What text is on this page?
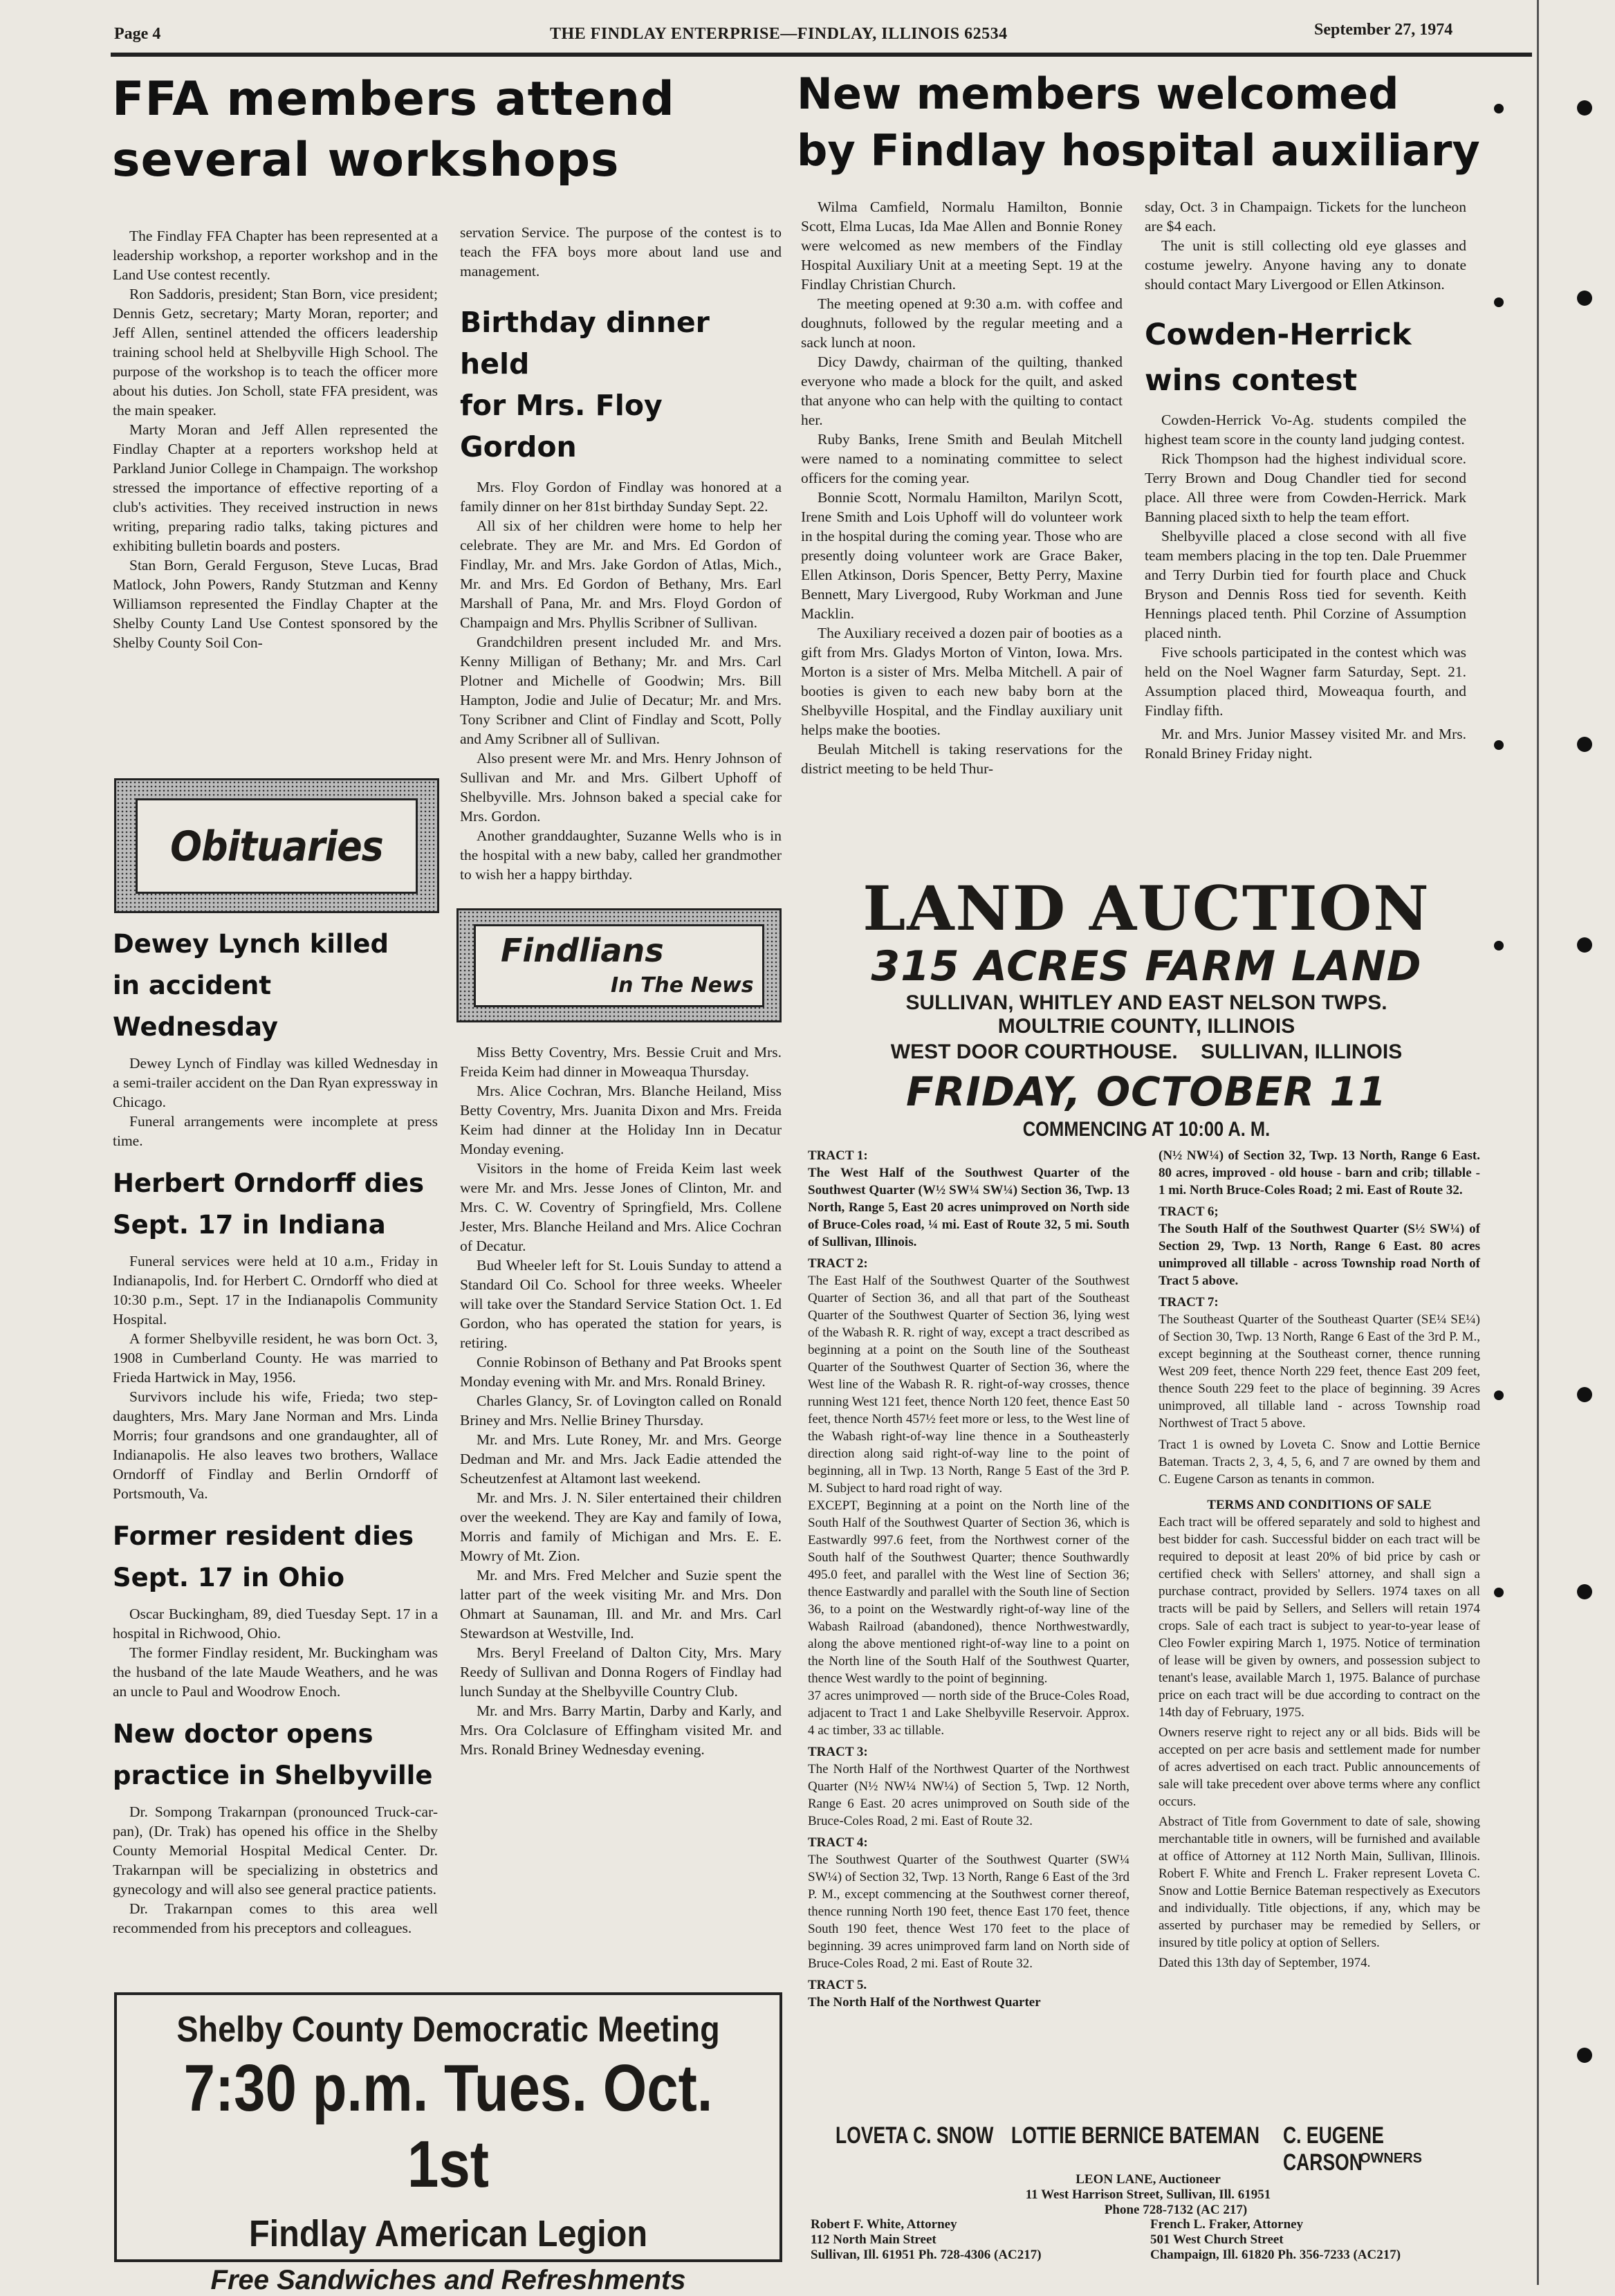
Page 4	THE FINDLAY ENTERPRISE—FINDLAY, ILLINOIS 62534	September 27, 1974

FFA members attend

several workshops

The Findlay FFA Chapter has been represented at a leadership workshop, a reporter workshop and in the Land Use contest recently.

Ron Saddoris, president; Stan Born, vice president; Dennis Getz, secretary; Marty Moran, reporter; and Jeff Allen, sentinel attended the officers leadership training school held at Shelbyville High School. The purpose of the workshop is to teach the officer more about his duties. Jon Scholl, state FFA president, was the main speaker.

Marty Moran and Jeff Allen represented the Findlay Chapter at a reporters workshop held at Parkland Junior College in Champaign. The workshop stressed the importance of effective reporting of a club's activities. They received instruction in news writing, preparing radio talks, taking pictures and exhibiting bulletin boards and posters.

Stan Born, Gerald Ferguson, Steve Lucas, Brad Matlock, John Powers, Randy Stutzman and Kenny Williamson represented the Findlay Chapter at the Shelby County Land Use Contest sponsored by the Shelby County Soil Con-

servation Service. The purpose of the contest is to teach the FFA boys more about land use and management.

Birthday dinner held

for Mrs. Floy Gordon

Mrs. Floy Gordon of Findlay was honored at a family dinner on her 81st birthday Sunday Sept. 22.

All six of her children were home to help her celebrate. They are Mr. and Mrs. Ed Gordon of Findlay, Mr. and Mrs. Jake Gordon of Atlas, Mich., Mr. and Mrs. Ed Gordon of Bethany, Mrs. Earl Marshall of Pana, Mr. and Mrs. Floyd Gordon of Champaign and Mrs. Phyllis Scribner of Sullivan.

Grandchildren present included Mr. and Mrs. Kenny Milligan of Bethany; Mr. and Mrs. Carl Plotner and Michelle of Goodwin; Mrs. Bill Hampton, Jodie and Julie of Decatur; Mr. and Mrs. Tony Scribner and Clint of Findlay and Scott, Polly and Amy Scribner all of Sullivan.

Also present were Mr. and Mrs. Henry Johnson of Sullivan and Mr. and Mrs. Gilbert Uphoff of Shelbyville. Mrs. Johnson baked a special cake for Mrs. Gordon.

Another granddaughter, Suzanne Wells who is in the hospital with a new baby, called her grandmother to wish her a happy birthday.

Obituaries

Dewey Lynch killed

in accident Wednesday

Dewey Lynch of Findlay was killed Wednesday in a semi-trailer accident on the Dan Ryan expressway in Chicago.

Funeral arrangements were incomplete at press time.

Herbert Orndorff dies

Sept. 17 in Indiana

Funeral services were held at 10 a.m., Friday in Indianapolis, Ind. for Herbert C. Orndorff who died at 10:30 p.m., Sept. 17 in the Indianapolis Community Hospital.

A former Shelbyville resident, he was born Oct. 3, 1908 in Cumberland County. He was married to Frieda Hartwick in May, 1956.

Survivors include his wife, Frieda; two step-daughters, Mrs. Mary Jane Norman and Mrs. Linda Morris; four grandsons and one grandaughter, all of Indianapolis. He also leaves two brothers, Wallace Orndorff of Findlay and Berlin Orndorff of Portsmouth, Va.

Former resident dies

Sept. 17 in Ohio

Oscar Buckingham, 89, died Tuesday Sept. 17 in a hospital in Richwood, Ohio.

The former Findlay resident, Mr. Buckingham was the husband of the late Maude Weathers, and he was an uncle to Paul and Woodrow Enoch.

New doctor opens

practice in Shelbyville

Dr. Sompong Trakarnpan (pronounced Truck-car-pan), (Dr. Trak) has opened his office in the Shelby County Memorial Hospital Medical Center. Dr. Trakarnpan will be specializing in obstetrics and gynecology and will also see general practice patients.

Dr. Trakarnpan comes to this area well recommended from his preceptors and colleagues.

Findlians
In The News

Miss Betty Coventry, Mrs. Bessie Cruit and Mrs. Freida Keim had dinner in Moweaqua Thursday.

Mrs. Alice Cochran, Mrs. Blanche Heiland, Miss Betty Coventry, Mrs. Juanita Dixon and Mrs. Freida Keim had dinner at the Holiday Inn in Decatur Monday evening.

Visitors in the home of Freida Keim last week were Mr. and Mrs. Jesse Jones of Clinton, Mr. and Mrs. C. W. Coventry of Springfield, Mrs. Collene Jester, Mrs. Blanche Heiland and Mrs. Alice Cochran of Decatur.

Bud Wheeler left for St. Louis Sunday to attend a Standard Oil Co. School for three weeks. Wheeler will take over the Standard Service Station Oct. 1. Ed Gordon, who has operated the station for years, is retiring.

Connie Robinson of Bethany and Pat Brooks spent Monday evening with Mr. and Mrs. Ronald Briney.

Charles Glancy, Sr. of Lovington called on Ronald Briney and Mrs. Nellie Briney Thursday.

Mr. and Mrs. Lute Roney, Mr. and Mrs. George Dedman and Mr. and Mrs. Jack Eadie attended the Scheutzenfest at Altamont last weekend.

Mr. and Mrs. J. N. Siler entertained their children over the weekend. They are Kay and family of Iowa, Morris and family of Michigan and Mrs. E. E. Mowry of Mt. Zion.

Mr. and Mrs. Fred Melcher and Suzie spent the latter part of the week visiting Mr. and Mrs. Don Ohmart at Saunaman, Ill. and Mr. and Mrs. Carl Stewardson at Westville, Ind.

Mrs. Beryl Freeland of Dalton City, Mrs. Mary Reedy of Sullivan and Donna Rogers of Findlay had lunch Sunday at the Shelbyville Country Club.

Mr. and Mrs. Barry Martin, Darby and Karly, and Mrs. Ora Colclasure of Effingham visited Mr. and Mrs. Ronald Briney Wednesday evening.

Shelby County Democratic Meeting
7:30 p.m. Tues. Oct. 1st
Findlay American Legion
Free Sandwiches and Refreshments

New members welcomed

by Findlay hospital auxiliary

Wilma Camfield, Normalu Hamilton, Bonnie Scott, Elma Lucas, Ida Mae Allen and Bonnie Roney were welcomed as new members of the Findlay Hospital Auxiliary Unit at a meeting Sept. 19 at the Findlay Christian Church.

The meeting opened at 9:30 a.m. with coffee and doughnuts, followed by the regular meeting and a sack lunch at noon.

Dicy Dawdy, chairman of the quilting, thanked everyone who made a block for the quilt, and asked that anyone who can help with the quilting to contact her.

Ruby Banks, Irene Smith and Beulah Mitchell were named to a nominating committee to select officers for the coming year.

Bonnie Scott, Normalu Hamilton, Marilyn Scott, Irene Smith and Lois Uphoff will do volunteer work in the hospital during the coming year. Those who are presently doing volunteer work are Grace Baker, Ellen Atkinson, Doris Spencer, Betty Perry, Maxine Bennett, Mary Livergood, Ruby Workman and June Macklin.

The Auxiliary received a dozen pair of booties as a gift from Mrs. Gladys Morton of Vinton, Iowa. Mrs. Morton is a sister of Mrs. Melba Mitchell. A pair of booties is given to each new baby born at the Shelbyville Hospital, and the Findlay auxiliary unit helps make the booties.

Beulah Mitchell is taking reservations for the district meeting to be held Thur-

sday, Oct. 3 in Champaign. Tickets for the luncheon are $4 each.

The unit is still collecting old eye glasses and costume jewelry. Anyone having any to donate should contact Mary Livergood or Ellen Atkinson.

Cowden-Herrick

wins contest

Cowden-Herrick Vo-Ag. students compiled the highest team score in the county land judging contest.

Rick Thompson had the highest individual score. Terry Brown and Doug Chandler tied for second place. All three were from Cowden-Herrick. Mark Banning placed sixth to help the team effort.

Shelbyville placed a close second with all five team members placing in the top ten. Dale Pruemmer and Terry Durbin tied for fourth place and Chuck Bryson and Dennis Ross tied for seventh. Keith Hennings placed tenth. Phil Corzine of Assumption placed ninth.

Five schools participated in the contest which was held on the Noel Wagner farm Saturday, Sept. 21. Assumption placed third, Moweaqua fourth, and Findlay fifth.

Mr. and Mrs. Junior Massey visited Mr. and Mrs. Ronald Briney Friday night.

LAND AUCTION
315 ACRES FARM LAND
SULLIVAN, WHITLEY AND EAST NELSON TWPS.
MOULTRIE COUNTY, ILLINOIS
WEST DOOR COURTHOUSE. SULLIVAN, ILLINOIS
FRIDAY, OCTOBER 11
COMMENCING AT 10:00 A. M.

TRACT 1:

The West Half of the Southwest Quarter of the Southwest Quarter (W½ SW¼ SW¼) Section 36, Twp. 13 North, Range 5, East 20 acres unimproved on North side of Bruce-Coles road, ¼ mi. East of Route 32, 5 mi. South of Sullivan, Illinois.

TRACT 2:

The East Half of the Southwest Quarter of the Southwest Quarter of Section 36, and all that part of the Southeast Quarter of the Southwest Quarter of Section 36, lying west of the Wabash R. R. right of way, except a tract described as beginning at a point on the South line of the Southeast Quarter of the Southwest Quarter of Section 36, where the West line of the Wabash R. R. right-of-way crosses, thence running West 121 feet, thence North 120 feet, thence East 50 feet, thence North 457½ feet more or less, to the West line of the Wabash right-of-way line thence in a Southeasterly direction along said right-of-way line to the point of beginning, all in Twp. 13 North, Range 5 East of the 3rd P. M. Subject to hard road right of way.

EXCEPT, Beginning at a point on the North line of the South Half of the Southwest Quarter of Section 36, which is Eastwardly 997.6 feet, from the Northwest corner of the South half of the Southwest Quarter; thence Southwardly 495.0 feet, and parallel with the West line of Section 36; thence Eastwardly and parallel with the South line of Section 36, to a point on the Westwardly right-of-way line of the Wabash Railroad (abandoned), thence Northwestwardly, along the above mentioned right-of-way line to a point on the North line of the South Half of the Southwest Quarter, thence West wardly to the point of beginning.

37 acres unimproved — north side of the Bruce-Coles Road, adjacent to Tract 1 and Lake Shelbyville Reservoir. Approx. 4 ac timber, 33 ac tillable.

TRACT 3:

The North Half of the Northwest Quarter of the Northwest Quarter (N½ NW¼ NW¼) of Section 5, Twp. 12 North, Range 6 East. 20 acres unimproved on South side of the Bruce-Coles Road, 2 mi. East of Route 32.

TRACT 4:

The Southwest Quarter of the Southwest Quarter (SW¼ SW¼) of Section 32, Twp. 13 North, Range 6 East of the 3rd P. M., except commencing at the Southwest corner thereof, thence running North 190 feet, thence East 170 feet, thence South 190 feet, thence West 170 feet to the place of beginning. 39 acres unimproved farm land on North side of Bruce-Coles Road, 2 mi. East of Route 32.

TRACT 5.

The North Half of the Northwest Quarter

(N½ NW¼) of Section 32, Twp. 13 North, Range 6 East. 80 acres, improved - old house - barn and crib; tillable - 1 mi. North Bruce-Coles Road; 2 mi. East of Route 32.

TRACT 6;

The South Half of the Southwest Quarter (S½ SW¼) of Section 29, Twp. 13 North, Range 6 East. 80 acres unimproved all tillable - across Township road North of Tract 5 above.

TRACT 7:

The Southeast Quarter of the Southeast Quarter (SE¼ SE¼) of Section 30, Twp. 13 North, Range 6 East of the 3rd P. M., except beginning at the Southeast corner, thence running West 209 feet, thence North 229 feet, thence East 209 feet, thence South 229 feet to the place of beginning. 39 Acres unimproved, all tillable land - across Township road Northwest of Tract 5 above.

Tract 1 is owned by Loveta C. Snow and Lottie Bernice Bateman. Tracts 2, 3, 4, 5, 6, and 7 are owned by them and C. Eugene Carson as tenants in common.

TERMS AND CONDITIONS OF SALE

Each tract will be offered separately and sold to highest and best bidder for cash. Successful bidder on each tract will be required to deposit at least 20% of bid price by cash or certified check with Sellers' attorney, and shall sign a purchase contract, provided by Sellers. 1974 taxes on all tracts will be paid by Sellers, and Sellers will retain 1974 crops. Sale of each tract is subject to year-to-year lease of Cleo Fowler expiring March 1, 1975. Notice of termination of lease will be given by owners, and possession subject to tenant's lease, available March 1, 1975. Balance of purchase price on each tract will be due according to contract on the 14th day of February, 1975.

Owners reserve right to reject any or all bids. Bids will be accepted on per acre basis and settlement made for number of acres advertised on each tract. Public announcements of sale will take precedent over above terms where any conflict occurs.

Abstract of Title from Government to date of sale, showing merchantable title in owners, will be furnished and available at office of Attorney at 112 North Main, Sullivan, Illinois. Robert F. White and French L. Fraker represent Loveta C. Snow and Lottie Bernice Bateman respectively as Executors and individually. Title objections, if any, which may be asserted by purchaser may be remedied by Sellers, or insured by title policy at option of Sellers.

Dated this 13th day of September, 1974.

LOVETA C. SNOW LOTTIE BERNICE BATEMAN C. EUGENE CARSON
OWNERS
LEON LANE, Auctioneer
11 West Harrison Street, Sullivan, Ill. 61951
Phone 728-7132 (AC 217)
Robert F. White, Attorney
112 North Main Street
Sullivan, Ill. 61951 Ph. 728-4306 (AC217)
French L. Fraker, Attorney
501 West Church Street
Champaign, Ill. 61820 Ph. 356-7233 (AC217)
